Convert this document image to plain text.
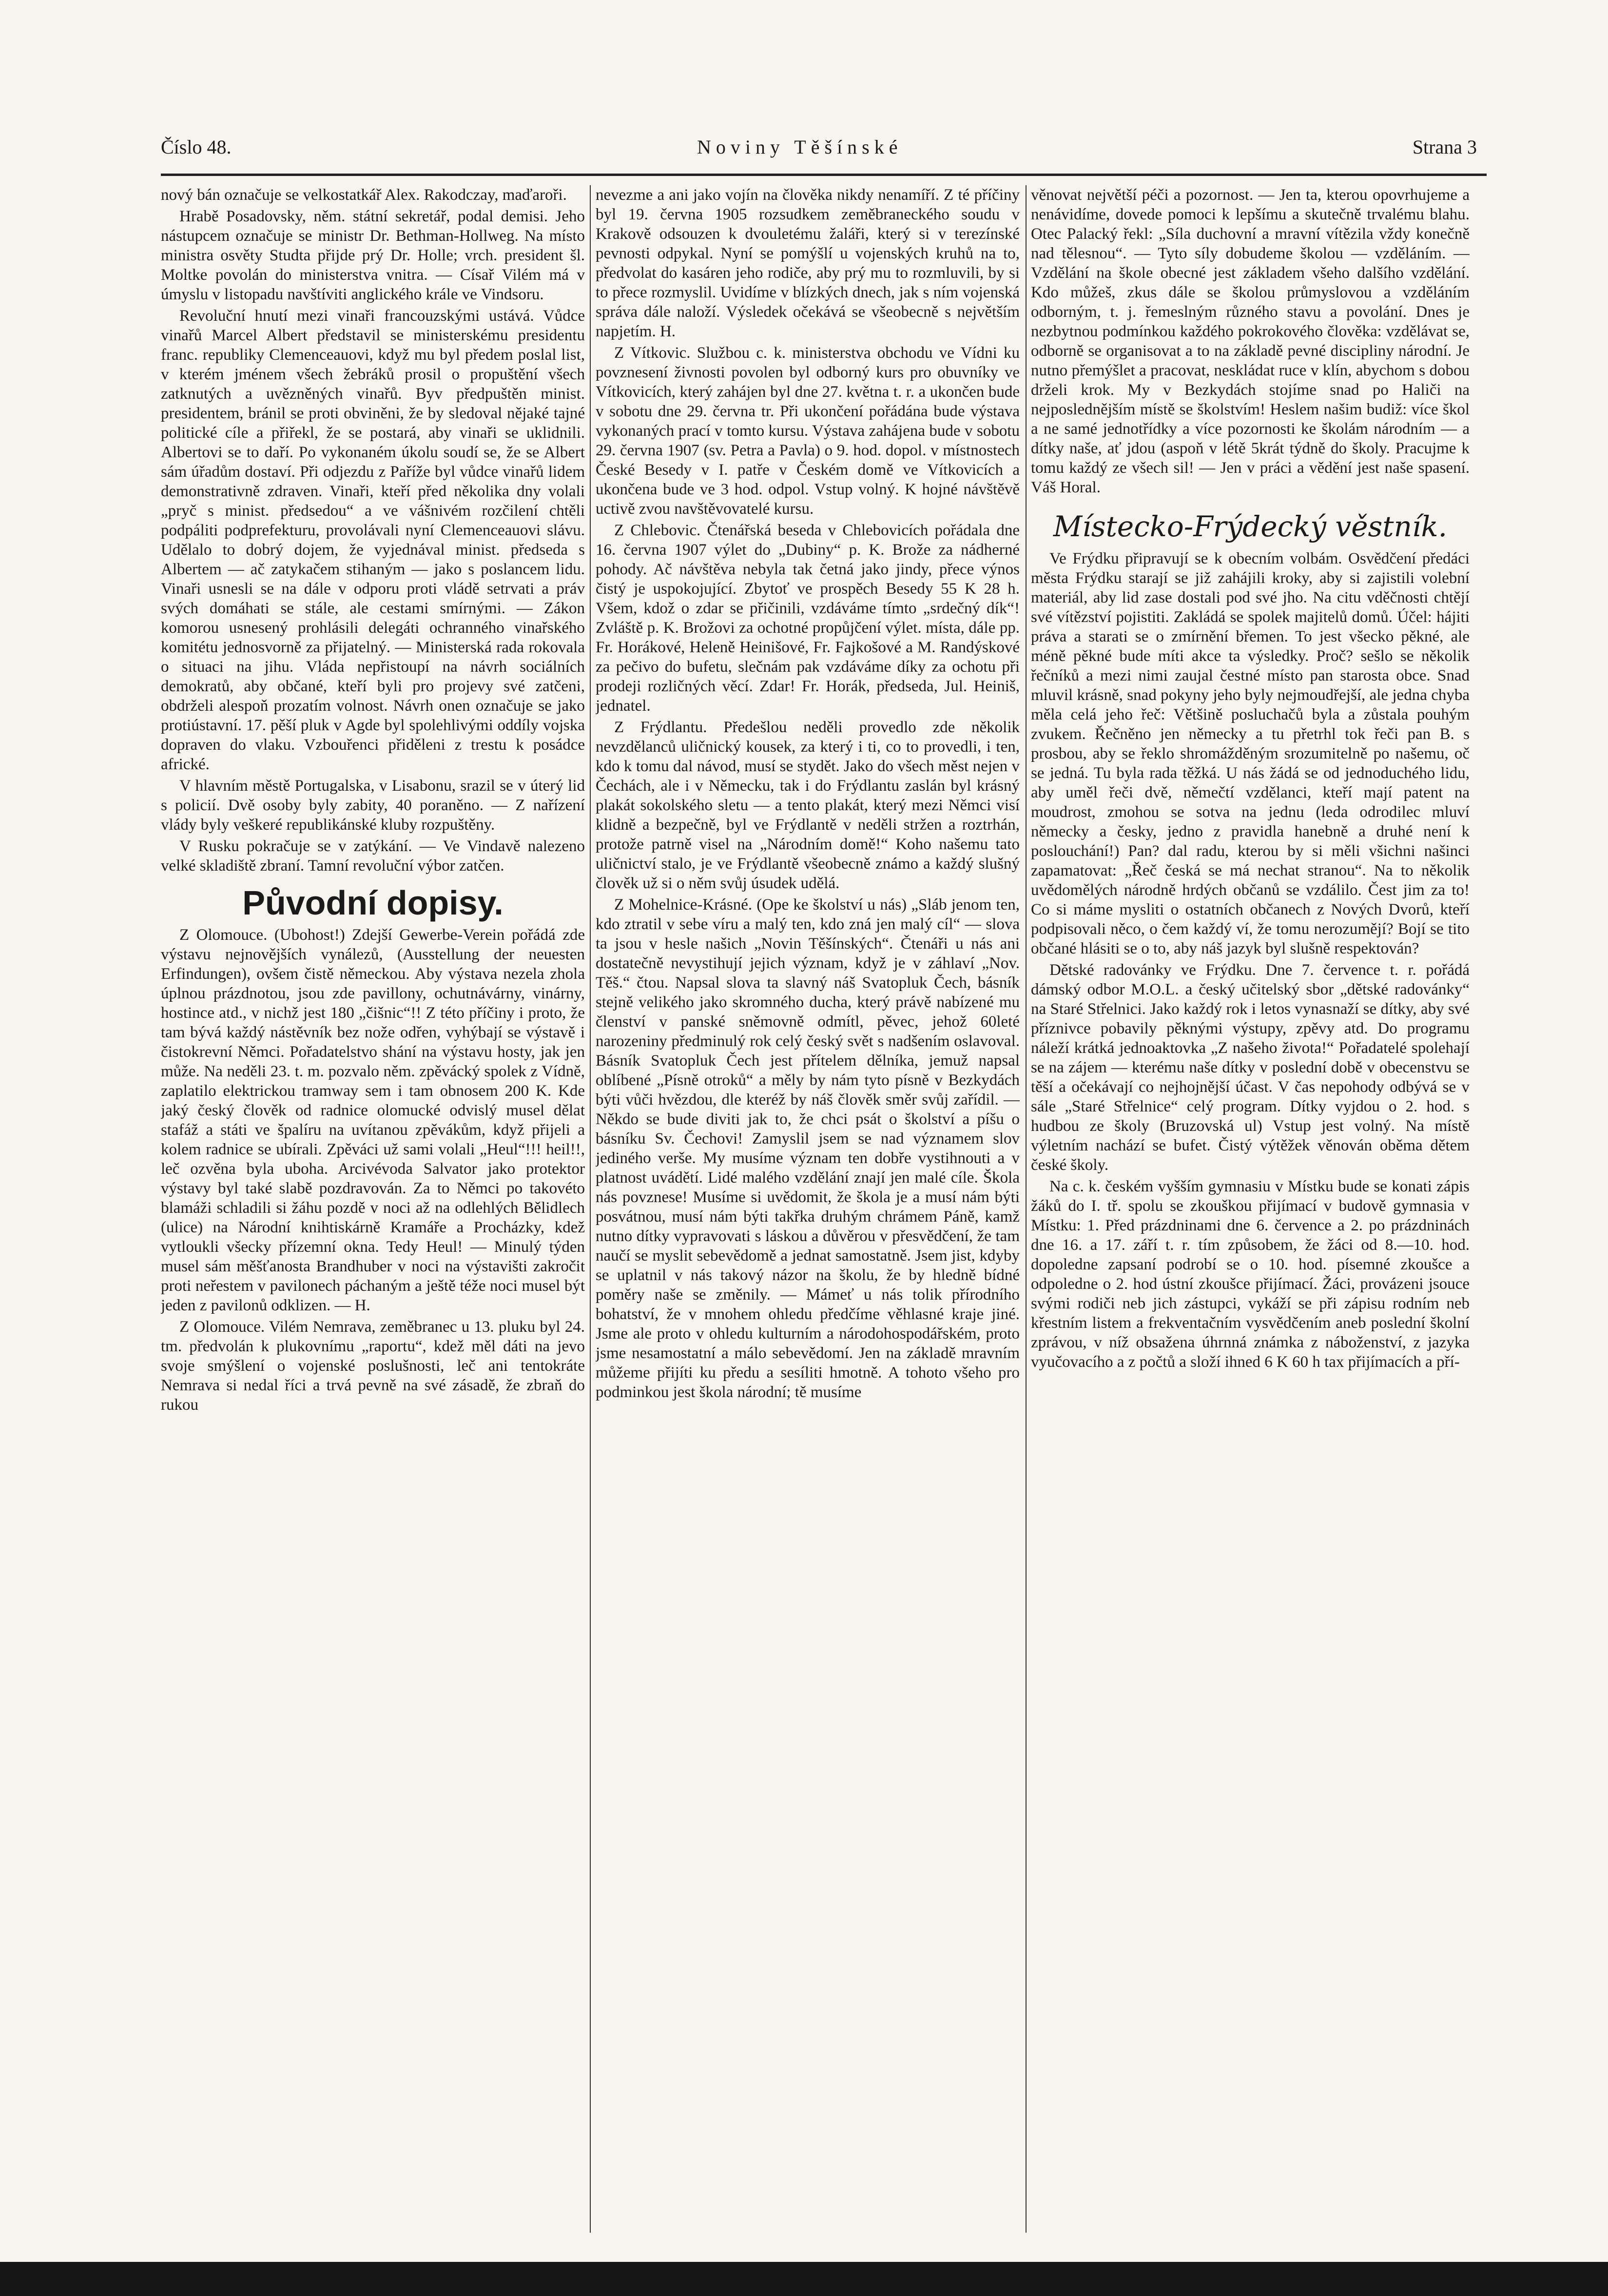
Číslo 48.	Noviny Těšínské	Strana 3

nový bán označuje se velkostatkář Alex. Rakodczay, maďaroři.

Hrabě Posadovsky, něm. státní sekretář, podal demisi. Jeho nástupcem označuje se ministr Dr. Bethman-Hollweg. Na místo ministra osvěty Studta přijde prý Dr. Holle; vrch. president šl. Moltke povolán do ministerstva vnitra. — Císař Vilém má v úmyslu v listopadu navštíviti anglického krále ve Vindsoru.

Revoluční hnutí mezi vinaři francouzskými ustává. Vůdce vinařů Marcel Albert představil se ministerskému presidentu franc. republiky Clemenceauovi, když mu byl předem poslal list, v kterém jménem všech žebráků prosil o propuštění všech zatknutých a uvězněných vinařů. Byv předpuštěn minist. presidentem, bránil se proti obviněni, že by sledoval nějaké tajné politické cíle a přiřekl, že se postará, aby vinaři se uklidnili. Albertovi se to daří. Po vykonaném úkolu soudí se, že se Albert sám úřadům dostaví. Při odjezdu z Paříže byl vůdce vinařů lidem demonstrativně zdraven. Vinaři, kteří před několika dny volali „pryč s minist. předsedou“ a ve vášnivém rozčilení chtěli podpáliti podprefekturu, provolávali nyní Clemenceauovi slávu. Udělalo to dobrý dojem, že vyjednával minist. předseda s Albertem — ač zatykačem stihaným — jako s poslancem lidu. Vinaři usnesli se na dále v odporu proti vládě setrvati a práv svých domáhati se stále, ale cestami smírnými. — Zákon komorou usnesený prohlásili delegáti ochranného vinařského komitétu jednosvorně za přijatelný. — Ministerská rada rokovala o situaci na jihu. Vláda nepřistoupí na návrh sociálních demokratů, aby občané, kteří byli pro projevy své zatčeni, obdrželi alespoň prozatím volnost. Návrh onen označuje se jako protiústavní. 17. pěší pluk v Agde byl spolehlivými oddíly vojska dopraven do vlaku. Vzbouřenci přiděleni z trestu k posádce africké.

V hlavním městě Portugalska, v Lisabonu, srazil se v úterý lid s policií. Dvě osoby byly zabity, 40 poraněno. — Z nařízení vlády byly veškeré republikánské kluby rozpuštěny.

V Rusku pokračuje se v zatýkání. — Ve Vindavě nalezeno velké skladiště zbraní. Tamní revoluční výbor zatčen.

Původní dopisy.

Z Olomouce. (Ubohost!) Zdejší Gewerbe-Verein pořádá zde výstavu nejnovějších vynálezů, (Ausstellung der neuesten Erfindungen), ovšem čistě německou. Aby výstava nezela zhola úplnou prázdnotou, jsou zde pavillony, ochutnávárny, vinárny, hostince atd., v nichž jest 180 „čišnic“!! Z této příčiny i proto, že tam bývá každý nástěvník bez nože odřen, vyhýbají se výstavě i čistokrevní Němci. Pořadatelstvo shání na výstavu hosty, jak jen může. Na neděli 23. t. m. pozvalo něm. zpěvácký spolek z Vídně, zaplatilo elektrickou tramway sem i tam obnosem 200 K. Kde jaký český člověk od radnice olomucké odvislý musel dělat stafáž a státi ve špalíru na uvítanou zpěvákům, když přijeli a kolem radnice se ubírali. Zpěváci už sami volali „Heul“!!! heil!!, leč ozvěna byla uboha. Arcivévoda Salvator jako protektor výstavy byl také slabě pozdravován. Za to Němci po takovéto blamáži schladili si žáhu pozdě v noci až na odlehlých Bělidlech (ulice) na Národní knihtiskárně Kramáře a Procházky, kdež vytloukli všecky přízemní okna. Tedy Heul! — Minulý týden musel sám měšťanosta Brandhuber v noci na výstavišti zakročit proti neřestem v pavilonech páchaným a ještě téže noci musel být jeden z pavilonů odklizen. — H.

Z Olomouce. Vilém Nemrava, zeměbranec u 13. pluku byl 24. tm. předvolán k plukovnímu „raportu“, kdež měl dáti na jevo svoje smýšlení o vojenské poslušnosti, leč ani tentokráte Nemrava si nedal říci a trvá pevně na své zásadě, že zbraň do rukou

nevezme a ani jako vojín na člověka nikdy nenamíří. Z té příčiny byl 19. června 1905 rozsudkem zeměbraneckého soudu v Krakově odsouzen k dvouletému žaláři, který si v terezínské pevnosti odpykal. Nyní se pomýšlí u vojenských kruhů na to, předvolat do kasáren jeho rodiče, aby prý mu to rozmluvili, by si to přece rozmyslil. Uvidíme v blízkých dnech, jak s ním vojenská správa dále naloží. Výsledek očekává se všeobecně s největším napjetím. H.

Z Vítkovic. Službou c. k. ministerstva obchodu ve Vídni ku povznesení živnosti povolen byl odborný kurs pro obuvníky ve Vítkovicích, který zahájen byl dne 27. května t. r. a ukončen bude v sobotu dne 29. června tr. Při ukončení pořádána bude výstava vykonaných prací v tomto kursu. Výstava zahájena bude v sobotu 29. června 1907 (sv. Petra a Pavla) o 9. hod. dopol. v místnostech České Besedy v I. patře v Českém domě ve Vítkovicích a ukončena bude ve 3 hod. odpol. Vstup volný. K hojné návštěvě uctivě zvou navštěvovatelé kursu.

Z Chlebovic. Čtenářská beseda v Chlebovicích pořádala dne 16. června 1907 výlet do „Dubiny“ p. K. Brože za nádherné pohody. Ač návštěva nebyla tak četná jako jindy, přece výnos čistý je uspokojující. Zbytoť ve prospěch Besedy 55 K 28 h. Všem, kdož o zdar se přičinili, vzdáváme tímto „srdečný dík“! Zvláště p. K. Brožovi za ochotné propůjčení výlet. místa, dále pp. Fr. Horákové, Heleně Heinišové, Fr. Fajkošové a M. Randýskové za pečivo do bufetu, slečnám pak vzdáváme díky za ochotu při prodeji rozličných věcí. Zdar! Fr. Horák, předseda, Jul. Heiniš, jednatel.

Z Frýdlantu. Předešlou neděli provedlo zde několik nevzdělanců uličnický kousek, za který i ti, co to provedli, i ten, kdo k tomu dal návod, musí se stydět. Jako do všech měst nejen v Čechách, ale i v Německu, tak i do Frýdlantu zaslán byl krásný plakát sokolského sletu — a tento plakát, který mezi Němci visí klidně a bezpečně, byl ve Frýdlantě v neděli stržen a roztrhán, protože patrně visel na „Národním domě!“ Koho našemu tato uličnictví stalo, je ve Frýdlantě všeobecně známo a každý slušný člověk už si o něm svůj úsudek udělá.

Z Mohelnice-Krásné. (Ope ke školství u nás) „Sláb jenom ten, kdo ztratil v sebe víru a malý ten, kdo zná jen malý cíl“ — slova ta jsou v hesle našich „Novin Těšínských“. Čtenáři u nás ani dostatečně nevystihují jejich význam, když je v záhlaví „Nov. Těš.“ čtou. Napsal slova ta slavný náš Svatopluk Čech, básník stejně velikého jako skromného ducha, který právě nabízené mu členství v panské sněmovně odmítl, pěvec, jehož 60leté narozeniny předminulý rok celý český svět s nadšením oslavoval. Básník Svatopluk Čech jest přítelem dělníka, jemuž napsal oblíbené „Písně otroků“ a měly by nám tyto písně v Bezkydách býti vůči hvězdou, dle kteréž by náš člověk směr svůj zařídil. — Někdo se bude diviti jak to, že chci psát o školství a píšu o básníku Sv. Čechovi! Zamyslil jsem se nad významem slov jediného verše. My musíme význam ten dobře vystihnouti a v platnost uvádětí. Lidé malého vzdělání znají jen malé cíle. Škola nás povznese! Musíme si uvědomit, že škola je a musí nám býti posvátnou, musí nám býti takřka druhým chrámem Páně, kamž nutno dítky vypravovati s láskou a důvěrou v přesvědčení, že tam naučí se myslit sebevědomě a jednat samostatně. Jsem jist, kdyby se uplatnil v nás takový názor na školu, že by hledně bídné poměry naše se změnily. — Mámeť u nás tolik přírodního bohatství, že v mnohem ohledu předčíme věhlasné kraje jiné. Jsme ale proto v ohledu kulturním a národohospodářském, proto jsme nesamostatní a málo sebevědomí. Jen na základě mravním můžeme přijíti ku předu a sesíliti hmotně. A tohoto všeho pro podminkou jest škola národní; tě musíme

věnovat největší péči a pozornost. — Jen ta, kterou opovrhujeme a nenávidíme, dovede pomoci k lepšímu a skutečně trvalému blahu. Otec Palacký řekl: „Síla duchovní a mravní vítězila vždy konečně nad tělesnou“. — Tyto síly dobudeme školou — vzděláním. — Vzdělání na škole obecné jest základem všeho dalšího vzdělání. Kdo můžeš, zkus dále se školou průmyslovou a vzděláním odborným, t. j. řemeslným různého stavu a povolání. Dnes je nezbytnou podmínkou každého pokrokového člověka: vzdělávat se, odborně se organisovat a to na základě pevné discipliny národní. Je nutno přemýšlet a pracovat, neskládat ruce v klín, abychom s dobou drželi krok. My v Bezkydách stojíme snad po Haliči na nejposlednějším místě se školstvím! Heslem našim budiž: více škol a ne samé jednotřídky a více pozornosti ke školám národním — a dítky naše, ať jdou (aspoň v létě 5krát týdně do školy. Pracujme k tomu každý ze všech sil! — Jen v práci a vědění jest naše spasení. Váš Horal.

Místecko-Frýdecký věstník.

Ve Frýdku připravují se k obecním volbám. Osvědčení předáci města Frýdku starají se již zahájili kroky, aby si zajistili volební materiál, aby lid zase dostali pod své jho. Na citu vděčnosti chtějí své vítězství pojistiti. Zakládá se spolek majitelů domů. Účel: hájiti práva a starati se o zmírnění břemen. To jest všecko pěkné, ale méně pěkné bude míti akce ta výsledky. Proč? sešlo se několik řečníků a mezi nimi zaujal čestné místo pan starosta obce. Snad mluvil krásně, snad pokyny jeho byly nejmoudřejší, ale jedna chyba měla celá jeho řeč: Většině posluchačů byla a zůstala pouhým zvukem. Řečněno jen německy a tu přetrhl tok řeči pan B. s prosbou, aby se řeklo shromážděným srozumitelně po našemu, oč se jedná. Tu byla rada těžká. U nás žádá se od jednoduchého lidu, aby uměl řeči dvě, němečtí vzdělanci, kteří mají patent na moudrost, zmohou se sotva na jednu (leda odrodilec mluví německy a česky, jedno z pravidla hanebně a druhé není k poslouchání!) Pan? dal radu, kterou by si měli všichni našinci zapamatovat: „Řeč česká se má nechat stranou“. Na to několik uvědomělých národně hrdých občanů se vzdálilo. Čest jim za to! Co si máme mysliti o ostatních občanech z Nových Dvorů, kteří podpisovali něco, o čem každý ví, že tomu nerozumějí? Bojí se tito občané hlásiti se o to, aby náš jazyk byl slušně respektován?

Dětské radovánky ve Frýdku. Dne 7. července t. r. pořádá dámský odbor M.O.L. a český učitelský sbor „dětské radovánky“ na Staré Střelnici. Jako každý rok i letos vynasnaží se dítky, aby své příznivce pobavily pěknými výstupy, zpěvy atd. Do programu náleží krátká jednoaktovka „Z našeho života!“ Pořadatelé spolehají se na zájem — kterému naše dítky v poslední době v obecenstvu se těší a očekávají co nejhojnější účast. V čas nepohody odbývá se v sále „Staré Střelnice“ celý program. Dítky vyjdou o 2. hod. s hudbou ze školy (Bruzovská ul) Vstup jest volný. Na místě výletním nachází se bufet. Čistý výtěžek věnován oběma dětem české školy.

Na c. k. českém vyšším gymnasiu v Místku bude se konati zápis žáků do I. tř. spolu se zkouškou přijímací v budově gymnasia v Místku: 1. Před prázdninami dne 6. července a 2. po prázdninách dne 16. a 17. září t. r. tím způsobem, že žáci od 8.—10. hod. dopoledne zapsaní podrobí se o 10. hod. písemné zkoušce a odpoledne o 2. hod ústní zkoušce přijímací. Žáci, provázeni jsouce svými rodiči neb jich zástupci, vykáží se při zápisu rodním neb křestním listem a frekventačním vysvědčením aneb poslední školní zprávou, v níž obsažena úhrnná známka z náboženství, z jazyka vyučovacího a z počtů a složí ihned 6 K 60 h tax přijímacích a pří-
